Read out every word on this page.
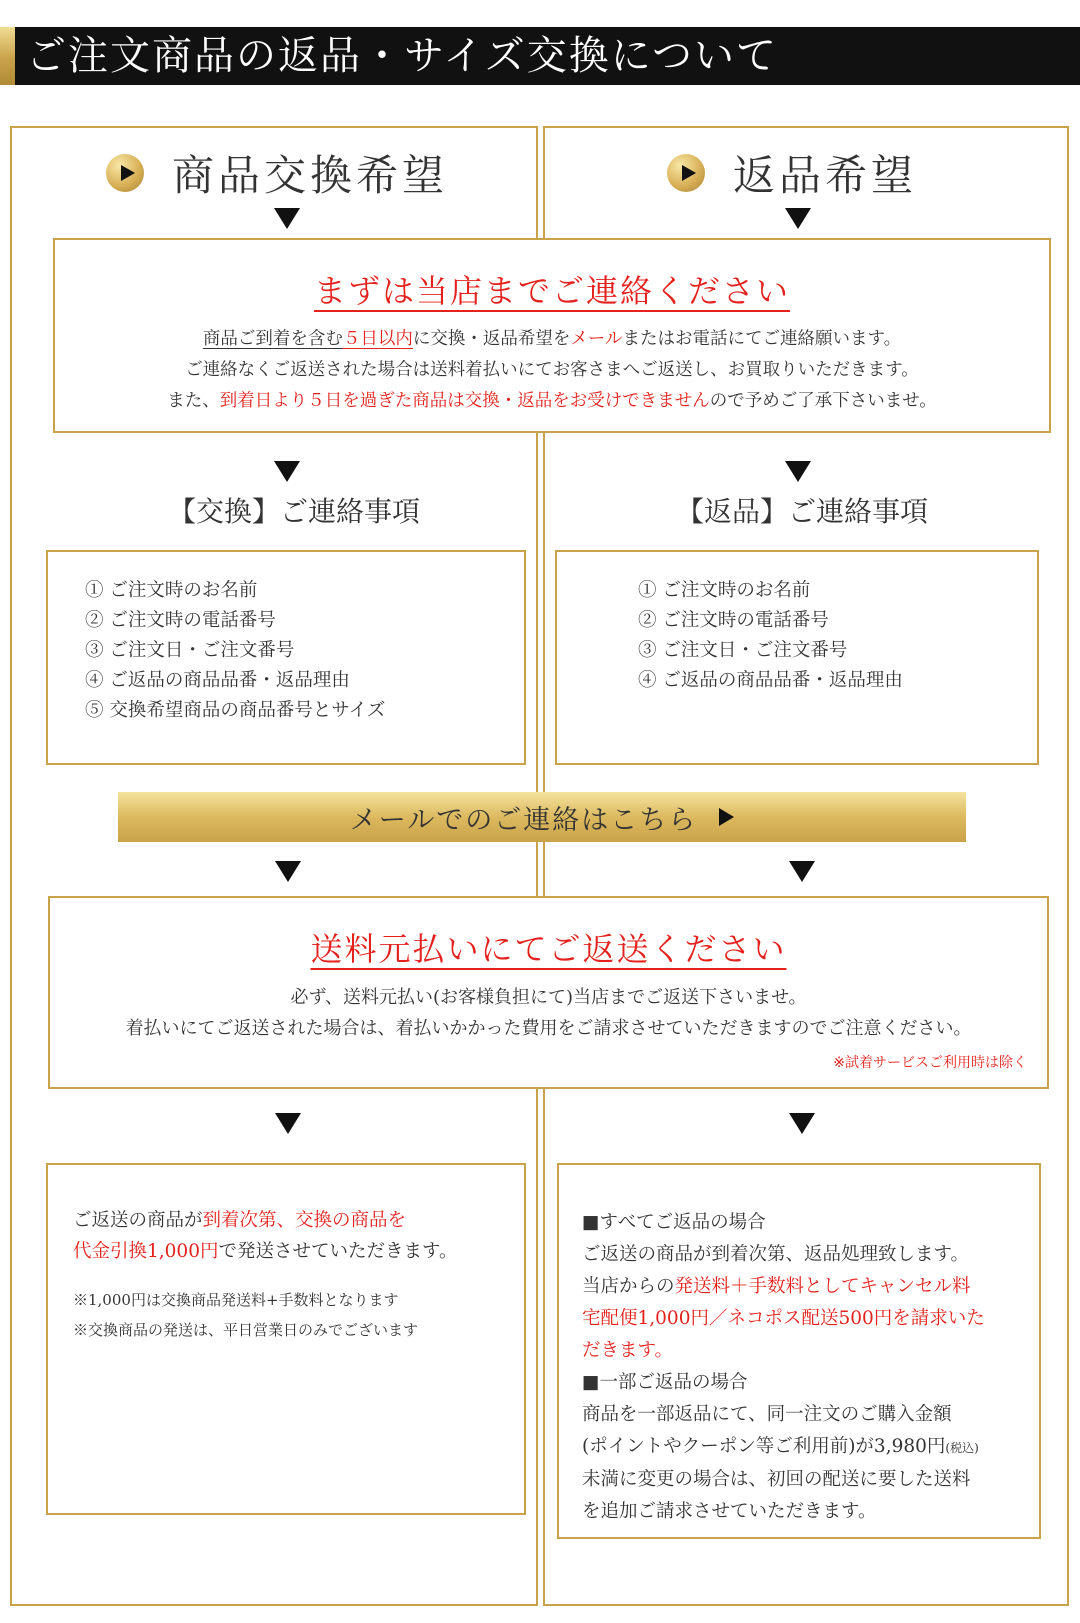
ご注文商品の返品・サイズ交換について
商品交換希望	返品希望
まずは当店までご連絡ください
商品ご到着を含む５日以内に交換・返品希望をメールまたはお電話にてご連絡願います。
ご連絡なくご返送された場合は送料着払いにてお客さまへご返送し、お買取りいただきます。
また、到着日より５日を過ぎた商品は交換・返品をお受けできませんので予めご了承下さいませ。
【交換】ご連絡事項	【返品】ご連絡事項
① ご注文時のお名前
② ご注文時の電話番号
③ ご注文日・ご注文番号
④ ご返品の商品品番・返品理由
⑤ 交換希望商品の商品番号とサイズ
① ご注文時のお名前
② ご注文時の電話番号
③ ご注文日・ご注文番号
④ ご返品の商品品番・返品理由
メールでのご連絡はこちら
送料元払いにてご返送ください
必ず、送料元払い(お客様負担にて)当店までご返送下さいませ。
着払いにてご返送された場合は、着払いかかった費用をご請求させていただきますのでご注意ください。
※試着サービスご利用時は除く
ご返送の商品が到着次第、交換の商品を
代金引換1,000円で発送させていただきます。
※1,000円は交換商品発送料+手数料となります
※交換商品の発送は、平日営業日のみでございます
■すべてご返品の場合
ご返送の商品が到着次第、返品処理致します。
当店からの発送料＋手数料としてキャンセル料
宅配便1,000円／ネコポス配送500円を請求いた
だきます。
■一部ご返品の場合
商品を一部返品にて、同一注文のご購入金額
(ポイントやクーポン等ご利用前)が3,980円(税込)
未満に変更の場合は、初回の配送に要した送料
を追加ご請求させていただきます。
